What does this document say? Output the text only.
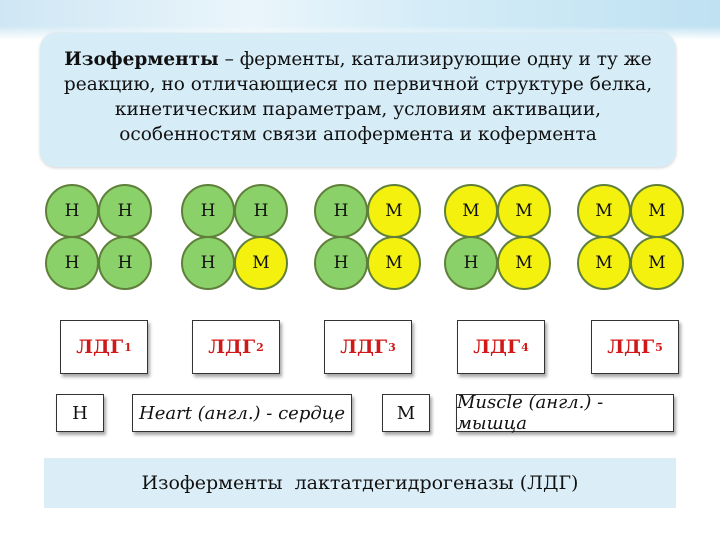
Изоферменты – ферменты, катализирующие одну и ту же реакцию, но отличающиеся по первичной структуре белка, кинетическим параметрам, условиям активации, особенностям связи апофермента и кофермента
Н	Н
Н	Н
Н	Н
Н	М
Н	М
Н	М
М	М
Н	М
М	М
М	М
ЛДГ 1	ЛДГ 2	ЛДГ 3	ЛДГ 4	ЛДГ 5
Н	Heart (англ.) - сердце	М	Muscle (англ.) - мышца
Изоферменты  лактатдегидрогеназы (ЛДГ)
